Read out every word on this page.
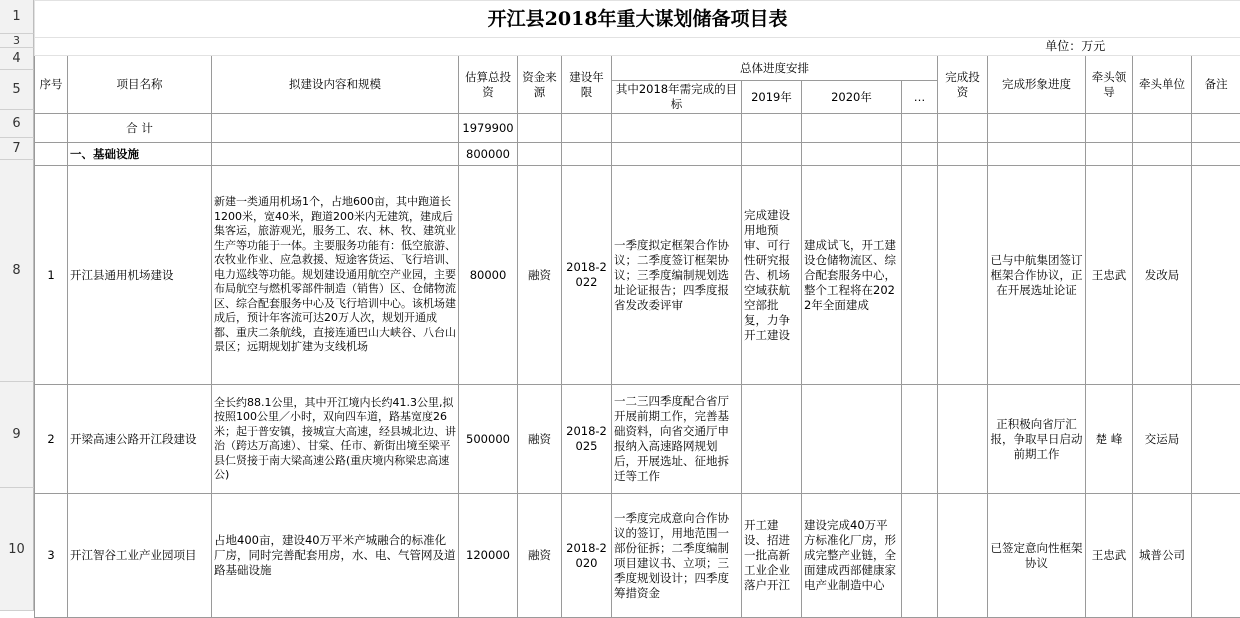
1
3
4
5
6
7
8
9
10
开江县2018年重大谋划储备项目表														
单位：万元														
序号	项目名称	拟建设内容和规模	估算总投资	资金来源	建设年限	总体进度安排				完成投资	完成形象进度	牵头领导	牵头单位	备注
						其中2018年需完成的目标	2019年	2020年	…					
	合 计		1979900											
	一、基础设施		800000											
1	开江县通用机场建设	新建一类通用机场1个，占地600亩，其中跑道长1200米，宽40米，跑道200米内无建筑，建成后集客运，旅游观光，服务工、农、林、牧、建筑业生产等功能于一体。主要服务功能有：低空旅游、农牧业作业、应急救援、短途客货运、飞行培训、电力巡线等功能。规划建设通用航空产业园，主要布局航空与燃机零部件制造（销售）区、仓储物流区、综合配套服务中心及飞行培训中心。该机场建成后，预计年客流可达20万人次，规划开通成都、重庆二条航线，直接连通巴山大峡谷、八台山景区；远期规划扩建为支线机场	80000	融资	2018-2022	一季度拟定框架合作协议；二季度签订框架协议；三季度编制规划选址论证报告；四季度报省发改委评审	完成建设用地预审、可行性研究报告、机场空域获航空部批复，力争开工建设	建成试飞，开工建设仓储物流区、综合配套服务中心，整个工程将在2022年全面建成			已与中航集团签订框架合作协议，正在开展选址论证	王忠武	发改局	
2	开梁高速公路开江段建设	全长约88.1公里，其中开江境内长约41.3公里,拟按照100公里／小时，双向四车道，路基宽度26米；起于普安镇，接城宣大高速，经县城北边、讲治（跨达万高速）、甘棠、任市、新街出境至梁平县仁贤接于南大梁高速公路(重庆境内称梁忠高速公)	500000	融资	2018-2025	一二三四季度配合省厅开展前期工作，完善基础资料，向省交通厅申报纳入高速路网规划后，开展选址、征地拆迁等工作					正积极向省厅汇报，争取早日启动前期工作	楚 峰	交运局	
3	开江智谷工业产业园项目	占地400亩，建设40万平米产城融合的标准化厂房，同时完善配套用房，水、电、气管网及道路基础设施	120000	融资	2018-2020	一季度完成意向合作协议的签订，用地范围一部份征拆；二季度编制项目建议书、立项；三季度规划设计；四季度筹措资金	开工建设、招进一批高新工业企业落户开江	建设完成40万平方标准化厂房，形成完整产业链，全面建成西部健康家电产业制造中心			已签定意向性框架协议	王忠武	城普公司	
